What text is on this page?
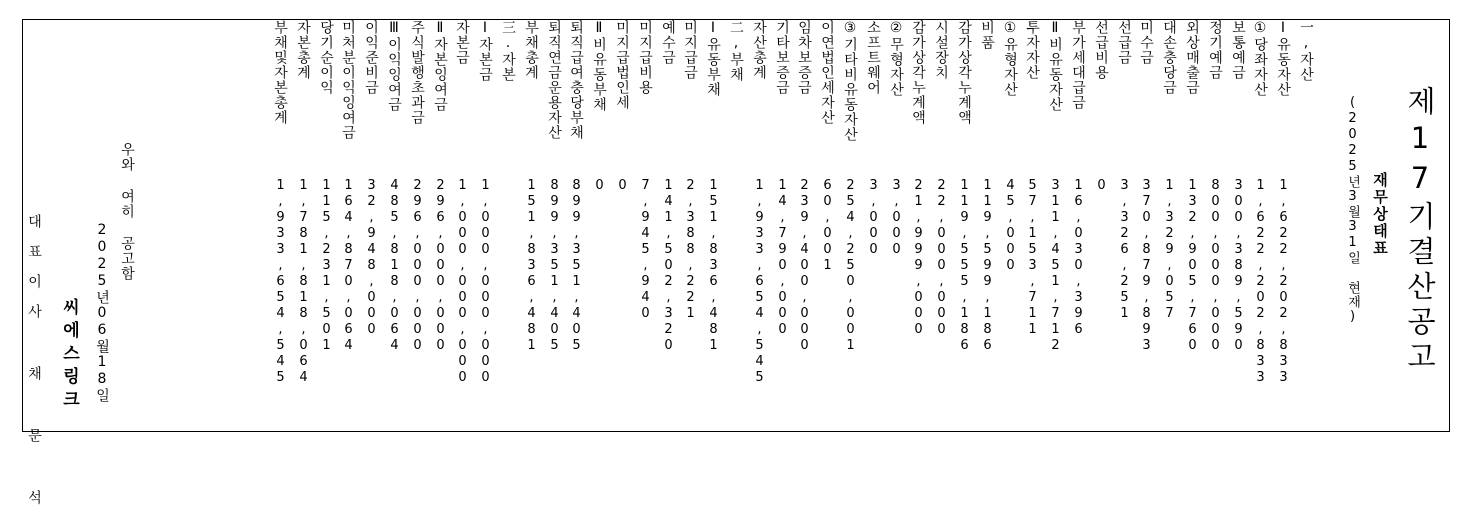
제17기결산공고
재무상태표
(2025년3월31일 현재)
一,자산
Ⅰ유동자산
1,622,202,833
①당좌자산
1,622,202,833
보통예금
300,389,590
정기예금
800,000,000
외상매출금
132,905,760
대손충당금
1,329,057
미수금
370,879,893
선급금
3,326,251
선급비용
0
부가세대급금
16,030,396
Ⅱ비유동자산
311,451,712
투자자산
57,153,711
①유형자산
45,000
비품
119,599,186
감가상각누계액
119,555,186
시설장치
22,000,000
감가상각누계액
21,999,000
②무형자산
3,000
소프트웨어
3,000
③기타비유동자산
254,250,001
이연법인세자산
60,001
임차보증금
239,400,000
기타보증금
14,790,000
자산총계
1,933,654,545
二,부채
Ⅰ유동부채
151,836,481
미지급금
2,388,221
예수금
141,502,320
미지급비용
7,945,940
미지급법인세
0
Ⅱ비유동부채
0
퇴직급여충당부채
899,351,405
퇴직연금운용자산
899,351,405
부채총계
151,836,481
三.자본
Ⅰ자본금
1,000,000,000
자본금
1,000,000,000
Ⅱ자본잉여금
296,000,000
주식발행초과금
296,000,000
Ⅲ이익잉여금
485,818,064
이익준비금
32,948,000
미처분이익잉여금
164,870,064
당기순이익
115,231,501
자본총계
1,781,818,064
부채및자본총계
1,933,654,545
우와 여히 공고함
2025년06월18일
씨에스링크
대표이사 채 문 석
